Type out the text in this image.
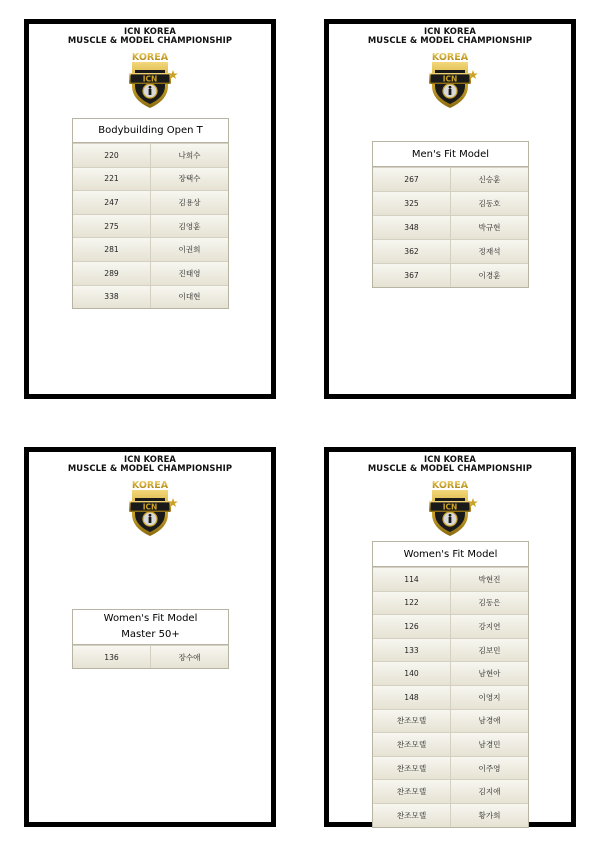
ICN KOREA
MUSCLE & MODEL CHAMPIONSHIP
KOREA
ICN
Bodybuilding Open T
220	나희수
221	장택수
247	김용상
275	김영훈
281	이권희
289	진태영
338	이대현
ICN KOREA
MUSCLE & MODEL CHAMPIONSHIP
KOREA
ICN
Men's Fit Model
267	신승훈
325	김동호
348	박규현
362	정재석
367	이경훈
ICN KOREA
MUSCLE & MODEL CHAMPIONSHIP
KOREA
ICN
Women's Fit Model
Master 50+
136	장수애
ICN KOREA
MUSCLE & MODEL CHAMPIONSHIP
KOREA
ICN
Women's Fit Model
114	박현진
122	김동은
126	강지연
133	김보민
140	남현아
148	이영지
찬조모델	남경애
찬조모델	남경민
찬조모델	이주영
찬조모델	김지애
찬조모델	황가희
